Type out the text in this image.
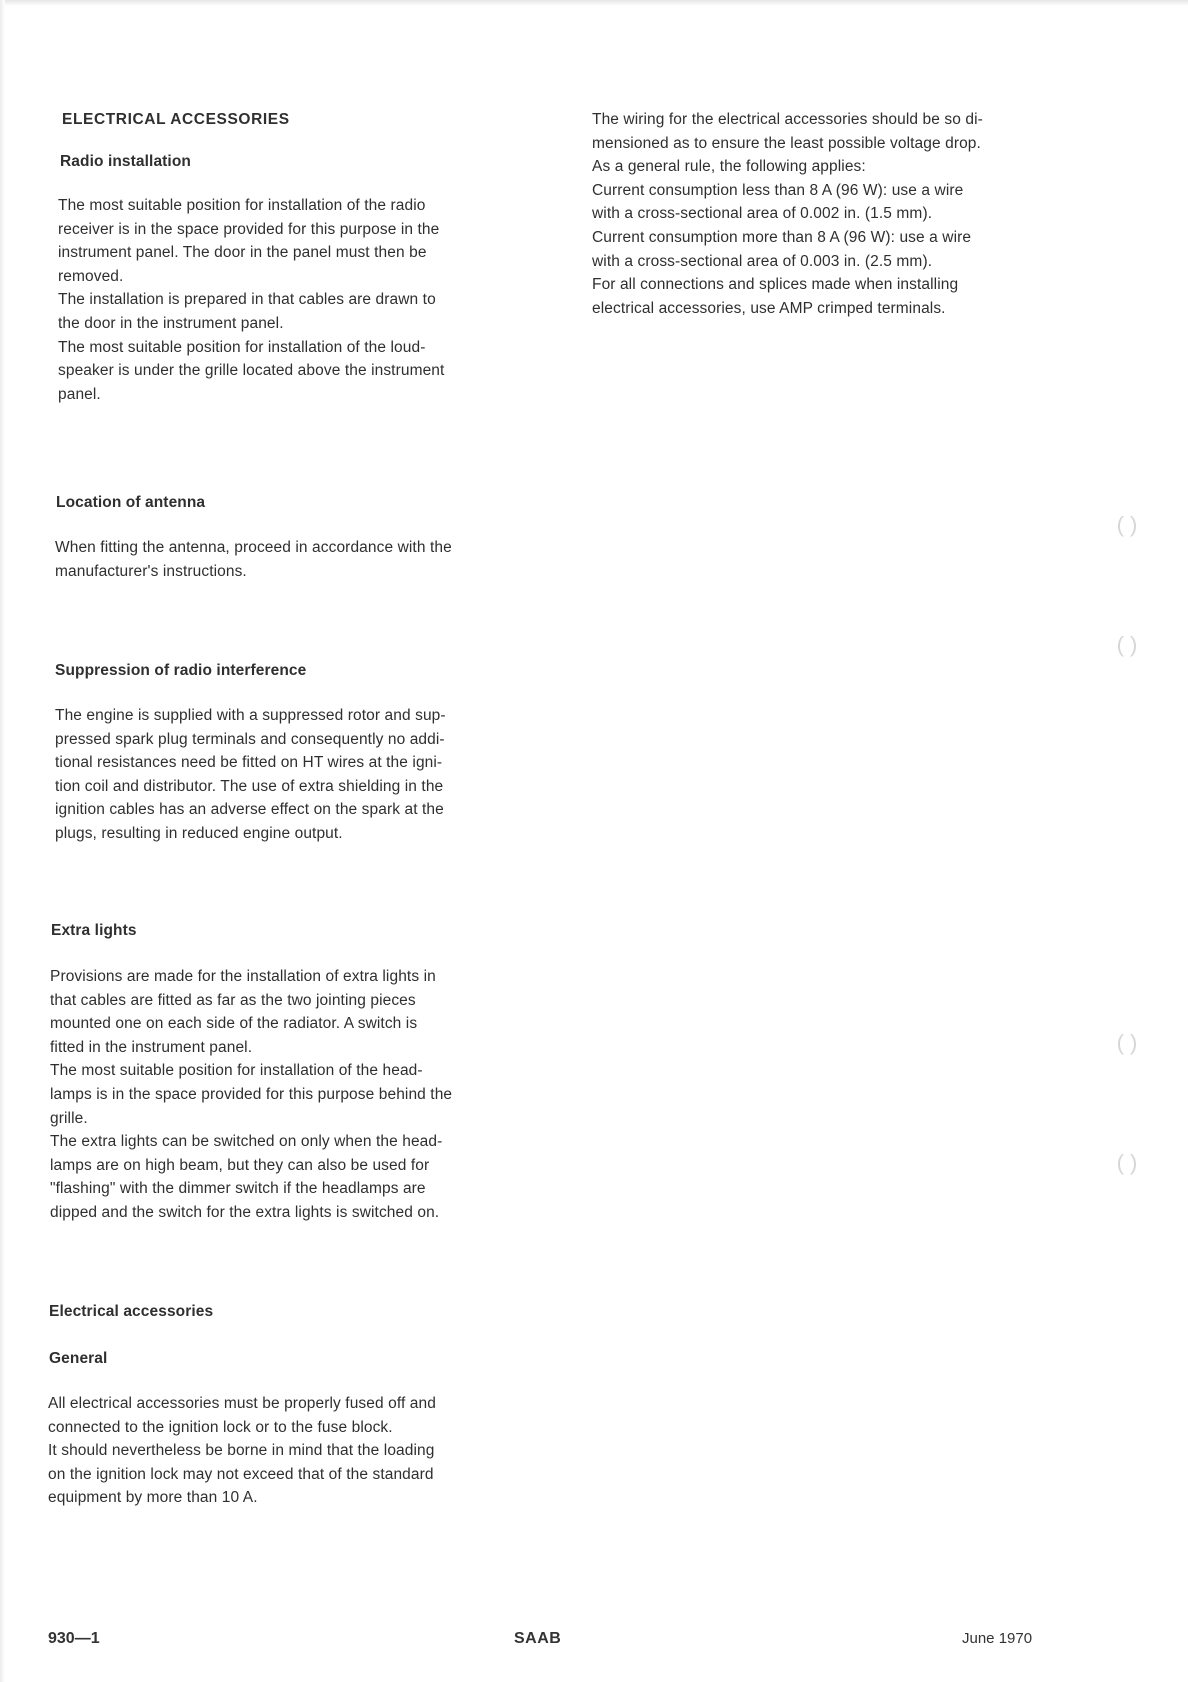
ELECTRICAL ACCESSORIES
Radio installation

The most suitable position for installation of the radio
receiver is in the space provided for this purpose in the
instrument panel. The door in the panel must then be
removed.
The installation is prepared in that cables are drawn to
the door in the instrument panel.
The most suitable position for installation of the loud-
speaker is under the grille located above the instrument
panel.

Location of antenna

When fitting the antenna, proceed in accordance with the
manufacturer's instructions.

Suppression of radio interference

The engine is supplied with a suppressed rotor and sup-
pressed spark plug terminals and consequently no addi-
tional resistances need be fitted on HT wires at the igni-
tion coil and distributor. The use of extra shielding in the
ignition cables has an adverse effect on the spark at the
plugs, resulting in reduced engine output.

Extra lights

Provisions are made for the installation of extra lights in
that cables are fitted as far as the two jointing pieces
mounted one on each side of the radiator. A switch is
fitted in the instrument panel.
The most suitable position for installation of the head-
lamps is in the space provided for this purpose behind the
grille.
The extra lights can be switched on only when the head-
lamps are on high beam, but they can also be used for
"flashing" with the dimmer switch if the headlamps are
dipped and the switch for the extra lights is switched on.

Electrical accessories
General

All electrical accessories must be properly fused off and
connected to the ignition lock or to the fuse block.
It should nevertheless be borne in mind that the loading
on the ignition lock may not exceed that of the standard
equipment by more than 10 A.

The wiring for the electrical accessories should be so di-
mensioned as to ensure the least possible voltage drop.
As a general rule, the following applies:
Current consumption less than 8 A (96 W): use a wire
with a cross-sectional area of 0.002 in. (1.5 mm).
Current consumption more than 8 A (96 W): use a wire
with a cross-sectional area of 0.003 in. (2.5 mm).
For all connections and splices made when installing
electrical accessories, use AMP crimped terminals.

( )
( )
( )
( )
930—1	SAAB	June 1970
